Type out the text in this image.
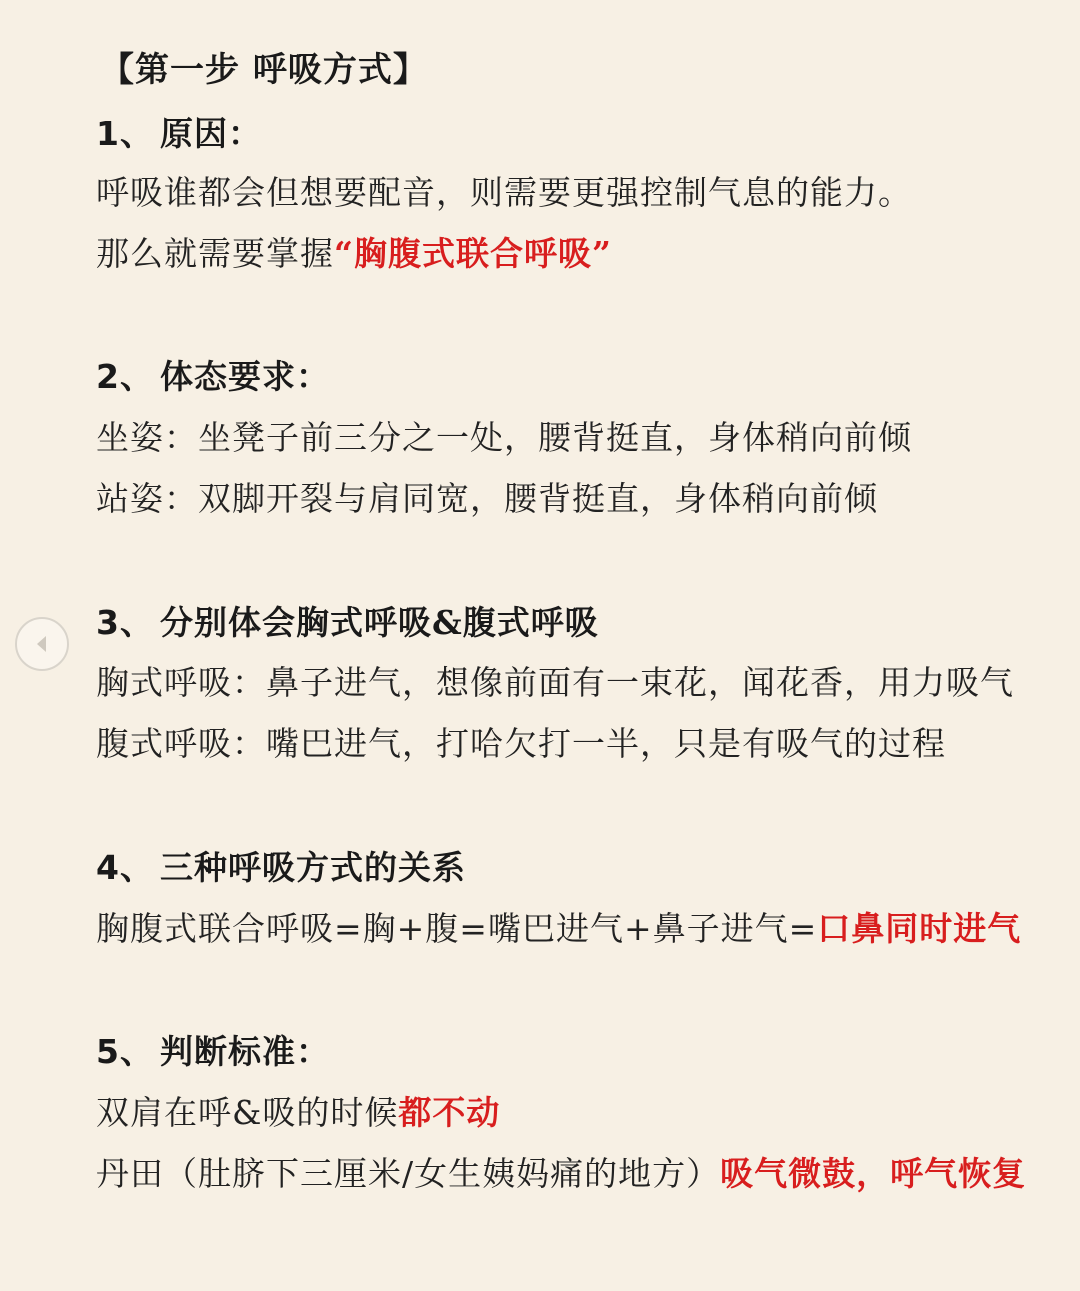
【第一步 呼吸方式】
1、 原因：
呼吸谁都会但想要配音，则需要更强控制气息的能力。
那么就需要掌握“胸腹式联合呼吸”
2、 体态要求：
坐姿：坐凳子前三分之一处，腰背挺直，身体稍向前倾
站姿：双脚开裂与肩同宽，腰背挺直，身体稍向前倾
3、 分别体会胸式呼吸&腹式呼吸
胸式呼吸：鼻子进气，想像前面有一束花，闻花香，用力吸气
腹式呼吸：嘴巴进气，打哈欠打一半，只是有吸气的过程
4、 三种呼吸方式的关系
胸腹式联合呼吸=胸+腹=嘴巴进气+鼻子进气=口鼻同时进气
5、 判断标准：
双肩在呼&吸的时候都不动
丹田（肚脐下三厘米/女生姨妈痛的地方）吸气微鼓，呼气恢复
